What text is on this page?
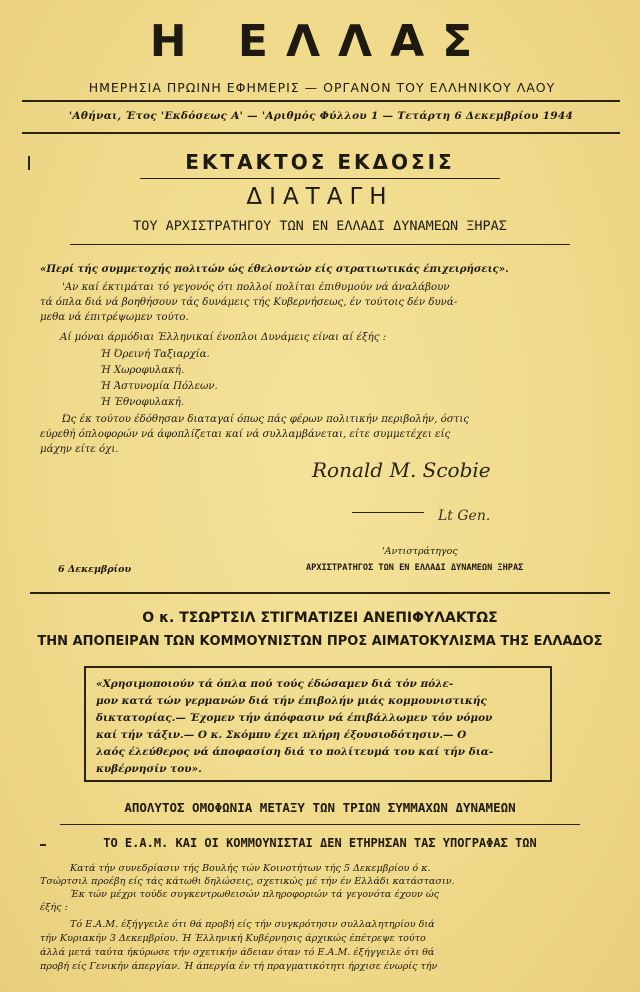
Η ΕΛΛΑΣ
ΗΜΕΡΗΣΙΑ ΠΡΩΙΝΗ ΕΦΗΜΕΡΙΣ — ΟΡΓΑΝΟΝ ΤΟΥ ΕΛΛΗΝΙΚΟΥ ΛΑΟΥ
'Αθήναι, Έτος 'Εκδόσεως Α' — 'Αριθμός Φύλλου 1 — Τετάρτη 6 Δεκεμβρίου 1944
ΕΚΤΑΚΤΟΣ ΕΚΔΟΣΙΣ
ΔΙΑΤΑΓΗ
ΤΟΥ ΑΡΧΙΣΤΡΑΤΗΓΟΥ ΤΩΝ ΕΝ ΕΛΛΑΔΙ ΔΥΝΑΜΕΩΝ ΞΗΡΑΣ
«Περί τής συμμετοχής πολιτών ώς έθελοντών είς στρατιωτικάς έπιχειρήσεις».
'Αν καί έκτιμάται τό γεγονός ότι πολλοί πολίται έπιθυμούν νά άναλάβουν
τά όπλα διά νά βοηθήσουν τάς δυνάμεις τής Κυβερνήσεως, έν τούτοις δέν δυνά-
μεθα νά έπιτρέψωμεν τούτο.
Αί μόναι άρμόδιαι Έλληνικαί ένοπλοι Δυνάμεις είναι αί έξής :
Ή Όρεινή Ταξιαρχία.
Ή Χωροφυλακή.
Ή Άστυνομία Πόλεων.
Ή Έθνοφυλακή.
Ώς έκ τούτου έδόθησαν διαταγαί όπως πάς φέρων πολιτικήν περιβολήν, όστις
εύρεθή όπλοφορών νά άφοπλίζεται καί νά συλλαμβάνεται, είτε συμμετέχει είς
μάχην είτε όχι.
Ronald M. Scobie
Lt Gen.
'Αντιστράτηγος
6 Δεκεμβρίου	ΑΡΧΙΣΤΡΑΤΗΓΟΣ ΤΩΝ ΕΝ ΕΛΛΑΔΙ ΔΥΝΑΜΕΩΝ ΞΗΡΑΣ
Ο κ. ΤΣΩΡΤΣΙΛ ΣΤΙΓΜΑΤΙΖΕΙ ΑΝΕΠΙΦΥΛΑΚΤΩΣ
ΤΗΝ ΑΠΟΠΕΙΡΑΝ ΤΩΝ ΚΟΜΜΟΥΝΙΣΤΩΝ ΠΡΟΣ ΑΙΜΑΤΟΚΥΛΙΣΜΑ ΤΗΣ ΕΛΛΑΔΟΣ
«Χρησιμοποιούν τά όπλα πού τούς έδώσαμεν διά τόν πόλε-
μον κατά τών γερμανών διά τήν έπιβολήν μιάς κομμουνιστικής
δικτατορίας.— Έχομεν τήν άπόφασιν νά έπιβάλλωμεν τόν νόμον
καί τήν τάξιν.— Ο κ. Σκόμπυ έχει πλήρη έξουσιοδότησιν.— Ο
λαός έλεύθερος νά άποφασίση διά το πολίτευμά του καί τήν δια-
κυβέρνησίν του».
ΑΠΟΛΥΤΟΣ ΟΜΟΦΩΝΙΑ ΜΕΤΑΞΥ ΤΩΝ ΤΡΙΩΝ ΣΥΜΜΑΧΩΝ ΔΥΝΑΜΕΩΝ
ΤΟ Ε.Α.Μ. ΚΑΙ ΟΙ ΚΟΜΜΟΥΝΙΣΤΑΙ ΔΕΝ ΕΤΗΡΗΣΑΝ ΤΑΣ ΥΠΟΓΡΑΦΑΣ ΤΩΝ
Κατά τήν συνεδρίασιν τής Βουλής τών Κοινοτήτων τής 5 Δεκεμβρίου ό κ.
Τσώρτσιλ προέβη είς τάς κάτωθι δηλώσεις, σχετικώς μέ τήν έν Ελλάδι κατάστασιν.
Έκ τών μέχρι τούδε συγκεντρωθεισών πληροφοριών τά γεγονότα έχουν ώς
έξής :
Τό Ε.Α.Μ. έξήγγειλε ότι θά προβή είς τήν συγκρότησιν συλλαλητηρίου διά
τήν Κυριακήν 3 Δεκεμβρίου. Ή Έλληνική Κυβέρνησις άρχικώς έπέτρεψε τούτο
άλλά μετά ταύτα ήκύρωσε τήν σχετικήν άδειαν όταν τό Ε.Α.Μ. έξήγγειλε ότι θά
προβή είς Γενικήν άπεργίαν. Ή άπεργία έν τή πραγματικότητι ήρχισε ένωρίς τήν
